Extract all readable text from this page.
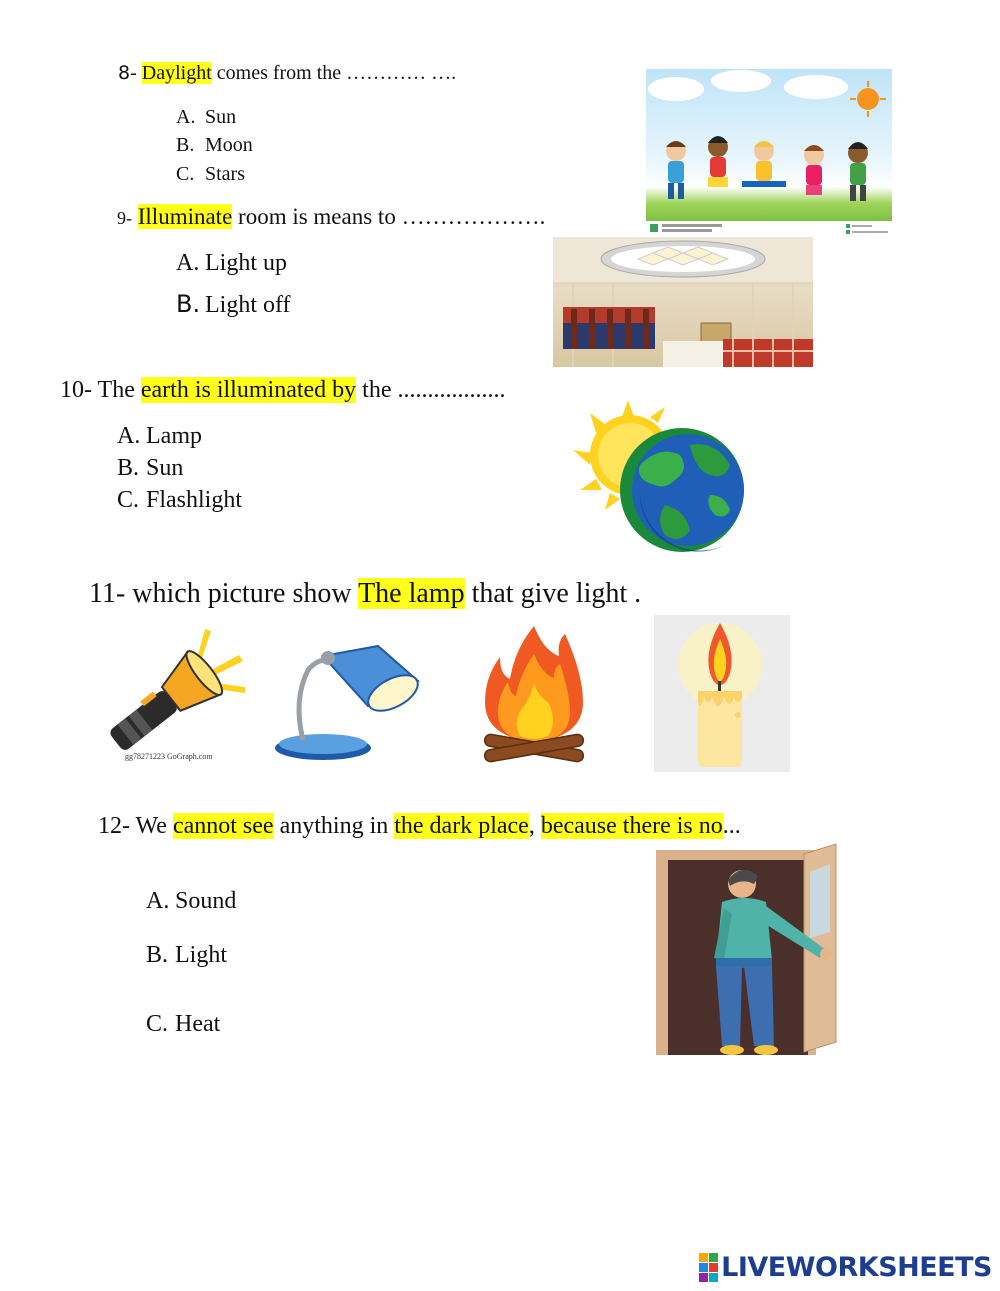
8- Daylight comes from the ………… ….
A. Sun
B. Moon
C. Stars
9- Illuminate room is means to ……………….
A. Light up
B. Light off
10- The earth is illuminated by the ..................
A. Lamp
B. Sun
C. Flashlight
11- which picture show The lamp that give light .
gg78271223 GoGraph.com
12- We cannot see anything in the dark place, because there is no...
A. Sound
B. Light
C. Heat
LIVEWORKSHEETS
